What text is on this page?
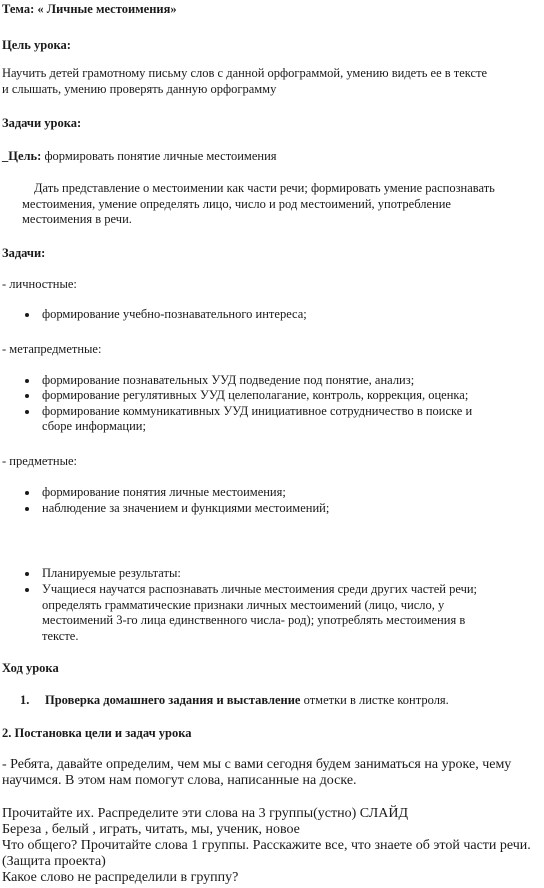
Тема: « Личные местоимения»
Цель урока:
Научить детей грамотному письму слов с данной орфограммой, умению видеть ее в тексте
и слышать, умению проверять данную орфограмму
Задачи урока:
_Цель: формировать понятие личные местоимения
Дать представление о местоимении как части речи; формировать умение распознавать
местоимения, умение определять лицо, число и род местоимений, употребление
местоимения в речи.
Задачи:
- личностные:
формирование учебно-познавательного интереса;
- метапредметные:
формирование познавательных УУД подведение под понятие, анализ;
формирование регулятивных УУД целеполагание, контроль, коррекция, оценка;
формирование коммуникативных УУД инициативное сотрудничество в поиске и
сборе информации;
- предметные:
формирование понятия личные местоимения;
наблюдение за значением и функциями местоимений;
Планируемые результаты:
Учащиеся научатся распознавать личные местоимения среди других частей речи;
определять грамматические признаки личных местоимений (лицо, число, у
местоимений 3-го лица единственного числа- род); употреблять местоимения в
тексте.
Ход урока
1. Проверка домашнего задания и выставление отметки в листке контроля.
2. Постановка цели и задач урока
- Ребята, давайте определим, чем мы с вами сегодня будем заниматься на уроке, чему
научимся. В этом нам помогут слова, написанные на доске.
Прочитайте их. Распределите эти слова на 3 группы(устно) СЛАЙД
Береза , белый , играть, читать, мы, ученик, новое
Что общего? Прочитайте слова 1 группы. Расскажите все, что знаете об этой части речи.
(Защита проекта)
Какое слово не распределили в группу?
